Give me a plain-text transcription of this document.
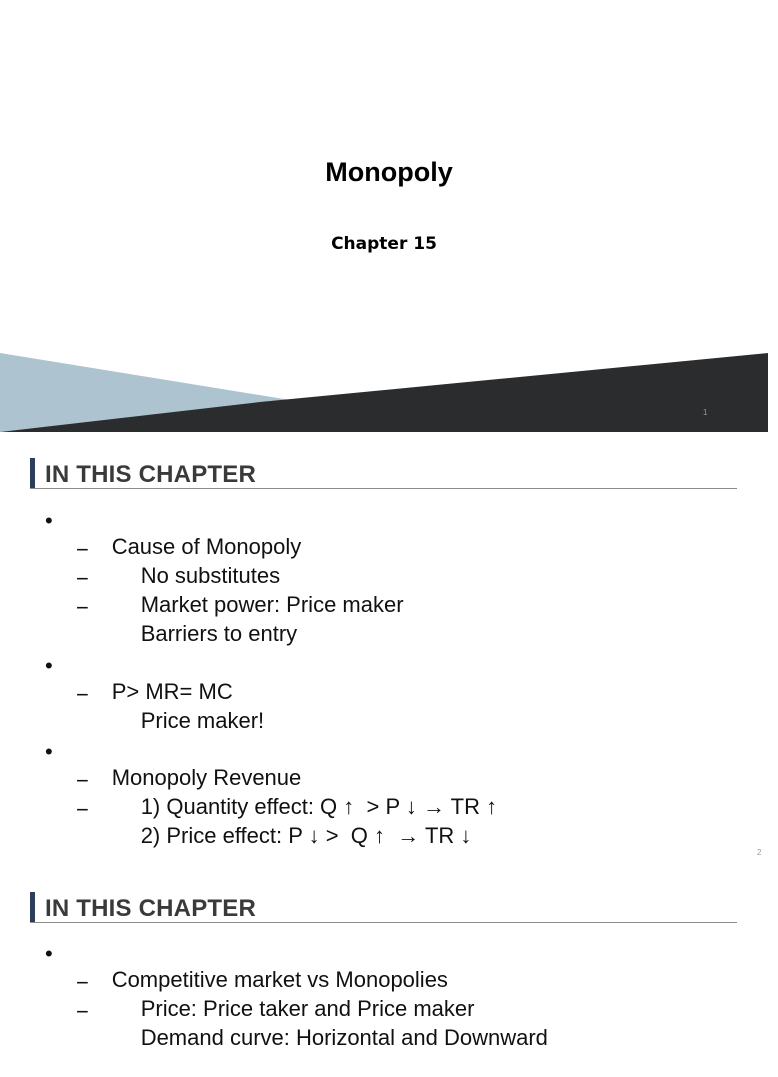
Monopoly
Chapter 15
1
IN THIS CHAPTER

•
Cause of Monopoly

−
No substitutes

−
Market power: Price maker

−
Barriers to entry

•
P> MR= MC

−
Price maker!

•
Monopoly Revenue

−
1) Quantity effect: Q ↑  > P ↓ → TR ↑

−
2) Price effect: P ↓ >  Q ↑  → TR ↓

2
IN THIS CHAPTER

•
Competitive market vs Monopolies

−
Price: Price taker and Price maker

−
Demand curve: Horizontal and Downward
